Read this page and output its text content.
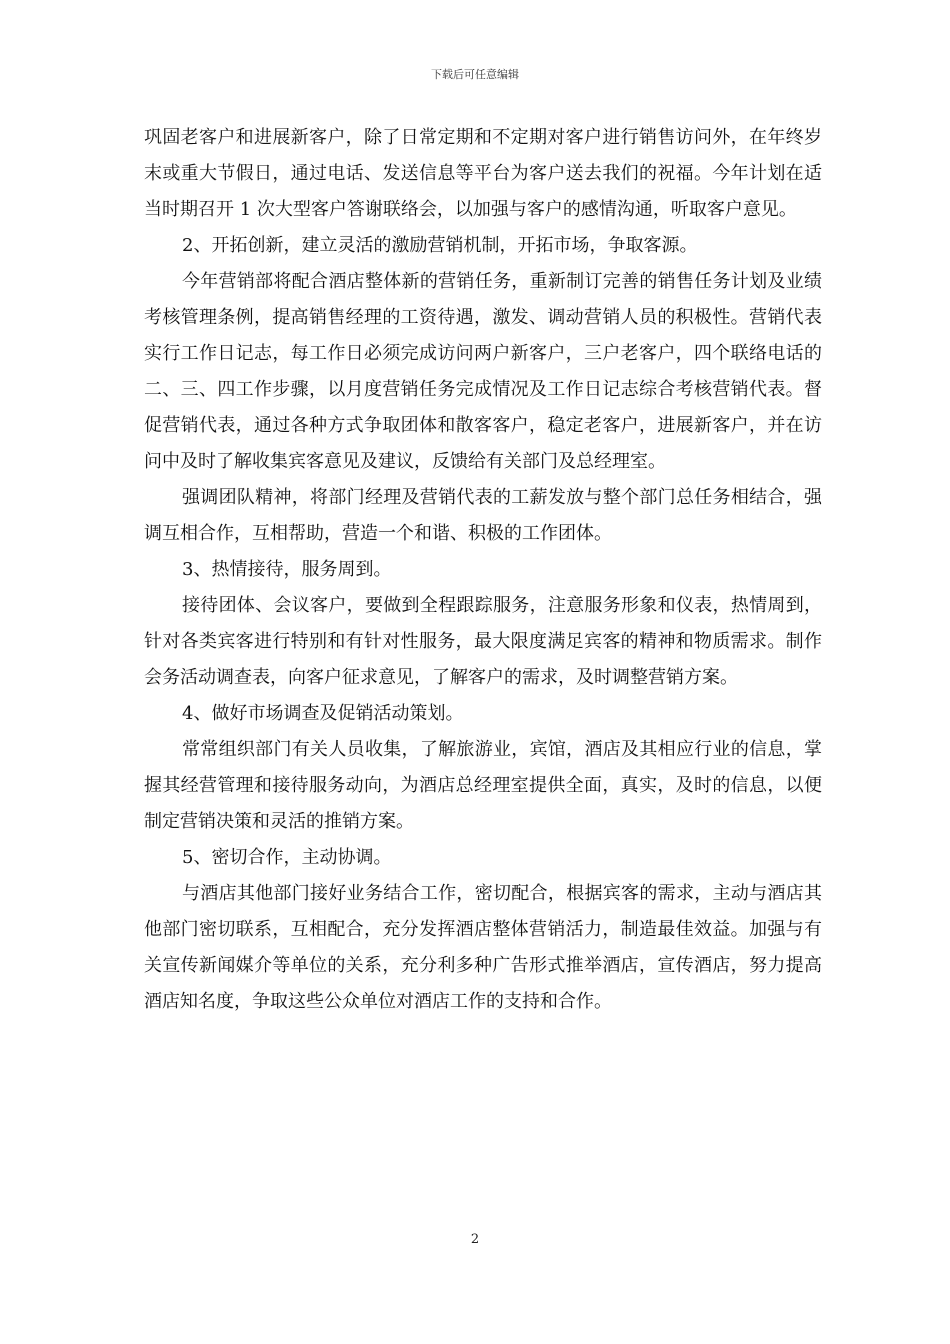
下载后可任意编辑

巩固老客户和进展新客户，除了日常定期和不定期对客户进行销售访问外，在年终岁末或重大节假日，通过电话、发送信息等平台为客户送去我们的祝福。今年计划在适当时期召开 1 次大型客户答谢联络会，以加强与客户的感情沟通，听取客户意见。

2、开拓创新，建立灵活的激励营销机制，开拓市场，争取客源。

今年营销部将配合酒店整体新的营销任务，重新制订完善的销售任务计划及业绩考核管理条例，提高销售经理的工资待遇，激发、调动营销人员的积极性。营销代表实行工作日记志，每工作日必须完成访问两户新客户，三户老客户，四个联络电话的二、三、四工作步骤，以月度营销任务完成情况及工作日记志综合考核营销代表。督促营销代表，通过各种方式争取团体和散客客户，稳定老客户，进展新客户，并在访问中及时了解收集宾客意见及建议，反馈给有关部门及总经理室。

强调团队精神，将部门经理及营销代表的工薪发放与整个部门总任务相结合，强调互相合作，互相帮助，营造一个和谐、积极的工作团体。

3、热情接待，服务周到。

接待团体、会议客户，要做到全程跟踪服务，注意服务形象和仪表，热情周到，针对各类宾客进行特别和有针对性服务，最大限度满足宾客的精神和物质需求。制作会务活动调查表，向客户征求意见，了解客户的需求，及时调整营销方案。

4、做好市场调查及促销活动策划。

常常组织部门有关人员收集，了解旅游业，宾馆，酒店及其相应行业的信息，掌握其经营管理和接待服务动向，为酒店总经理室提供全面，真实，及时的信息，以便制定营销决策和灵活的推销方案。

5、密切合作，主动协调。

与酒店其他部门接好业务结合工作，密切配合，根据宾客的需求，主动与酒店其他部门密切联系，互相配合，充分发挥酒店整体营销活力，制造最佳效益。加强与有关宣传新闻媒介等单位的关系，充分利多种广告形式推举酒店，宣传酒店，努力提高酒店知名度，争取这些公众单位对酒店工作的支持和合作。

2
